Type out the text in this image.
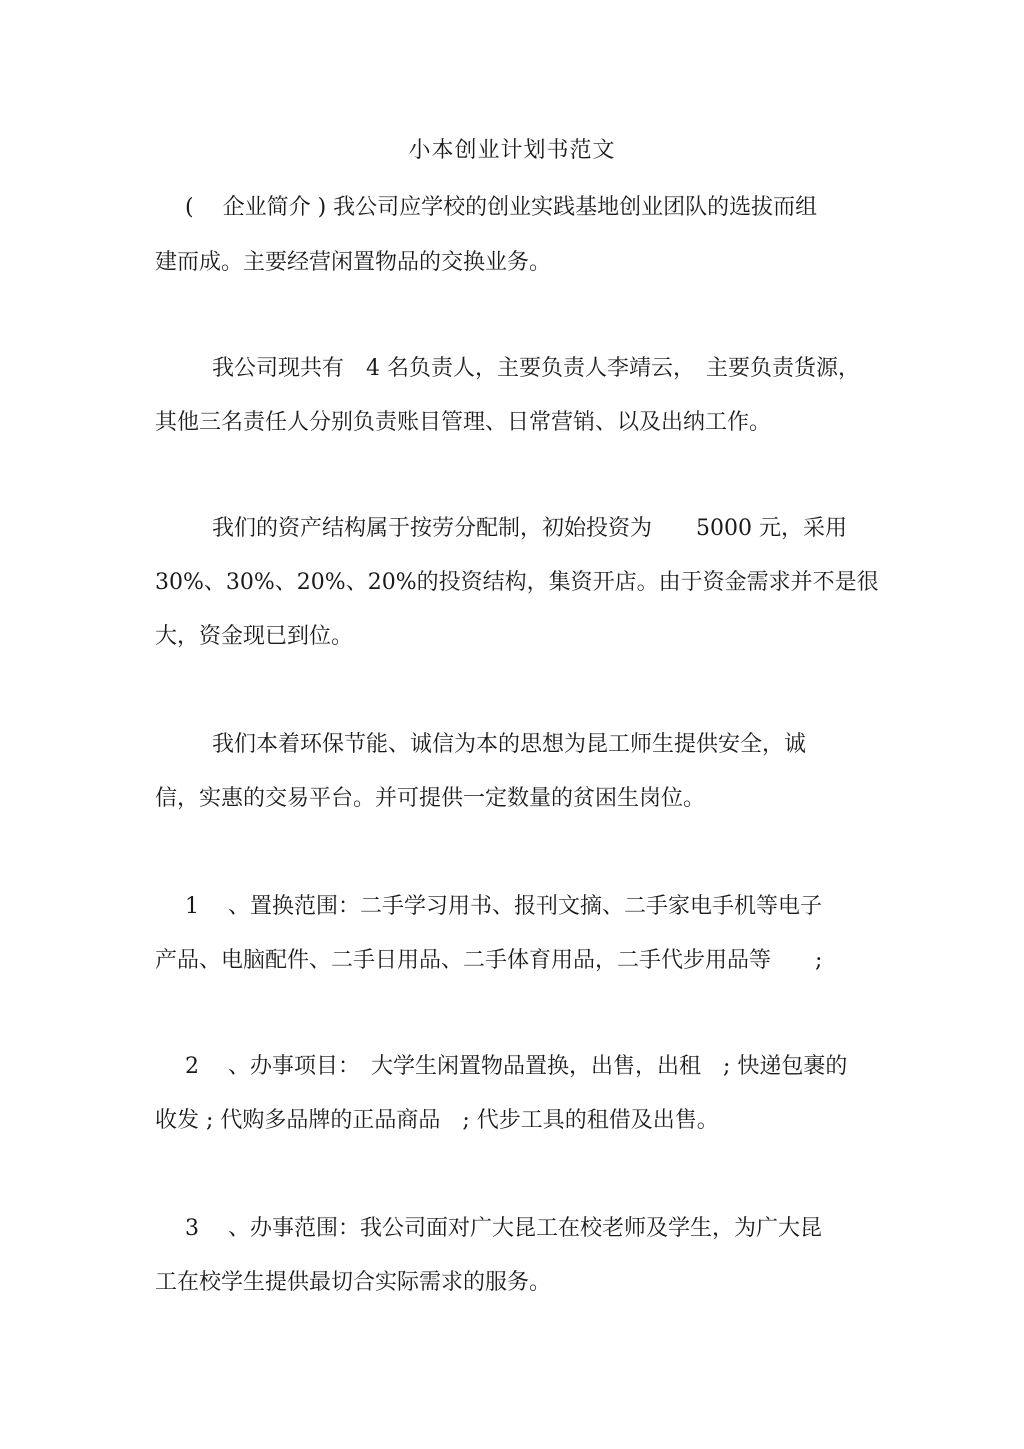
小本创业计划书范文
(　 企业简介 ) 我公司应学校的创业实践基地创业团队的选拔而组
建而成。主要经营闲置物品的交换业务。
我公司现共有　4 名负责人，主要负责人李靖云，　主要负责货源，
其他三名责任人分别负责账目管理、日常营销、以及出纳工作。
我们的资产结构属于按劳分配制，初始投资为　　5000 元，采用
30%、30%、20%、20%的投资结构，集资开店。由于资金需求并不是很
大，资金现已到位。
我们本着环保节能、诚信为本的思想为昆工师生提供安全，诚
信，实惠的交易平台。并可提供一定数量的贫困生岗位。
1　 、置换范围：二手学习用书、报刊文摘、二手家电手机等电子
产品、电脑配件、二手日用品、二手体育用品，二手代步用品等　　;
2　 、办事项目：　大学生闲置物品置换，出售，出租　; 快递包裹的
收发 ; 代购多品牌的正品商品　; 代步工具的租借及出售。
3　 、办事范围：我公司面对广大昆工在校老师及学生，为广大昆
工在校学生提供最切合实际需求的服务。
